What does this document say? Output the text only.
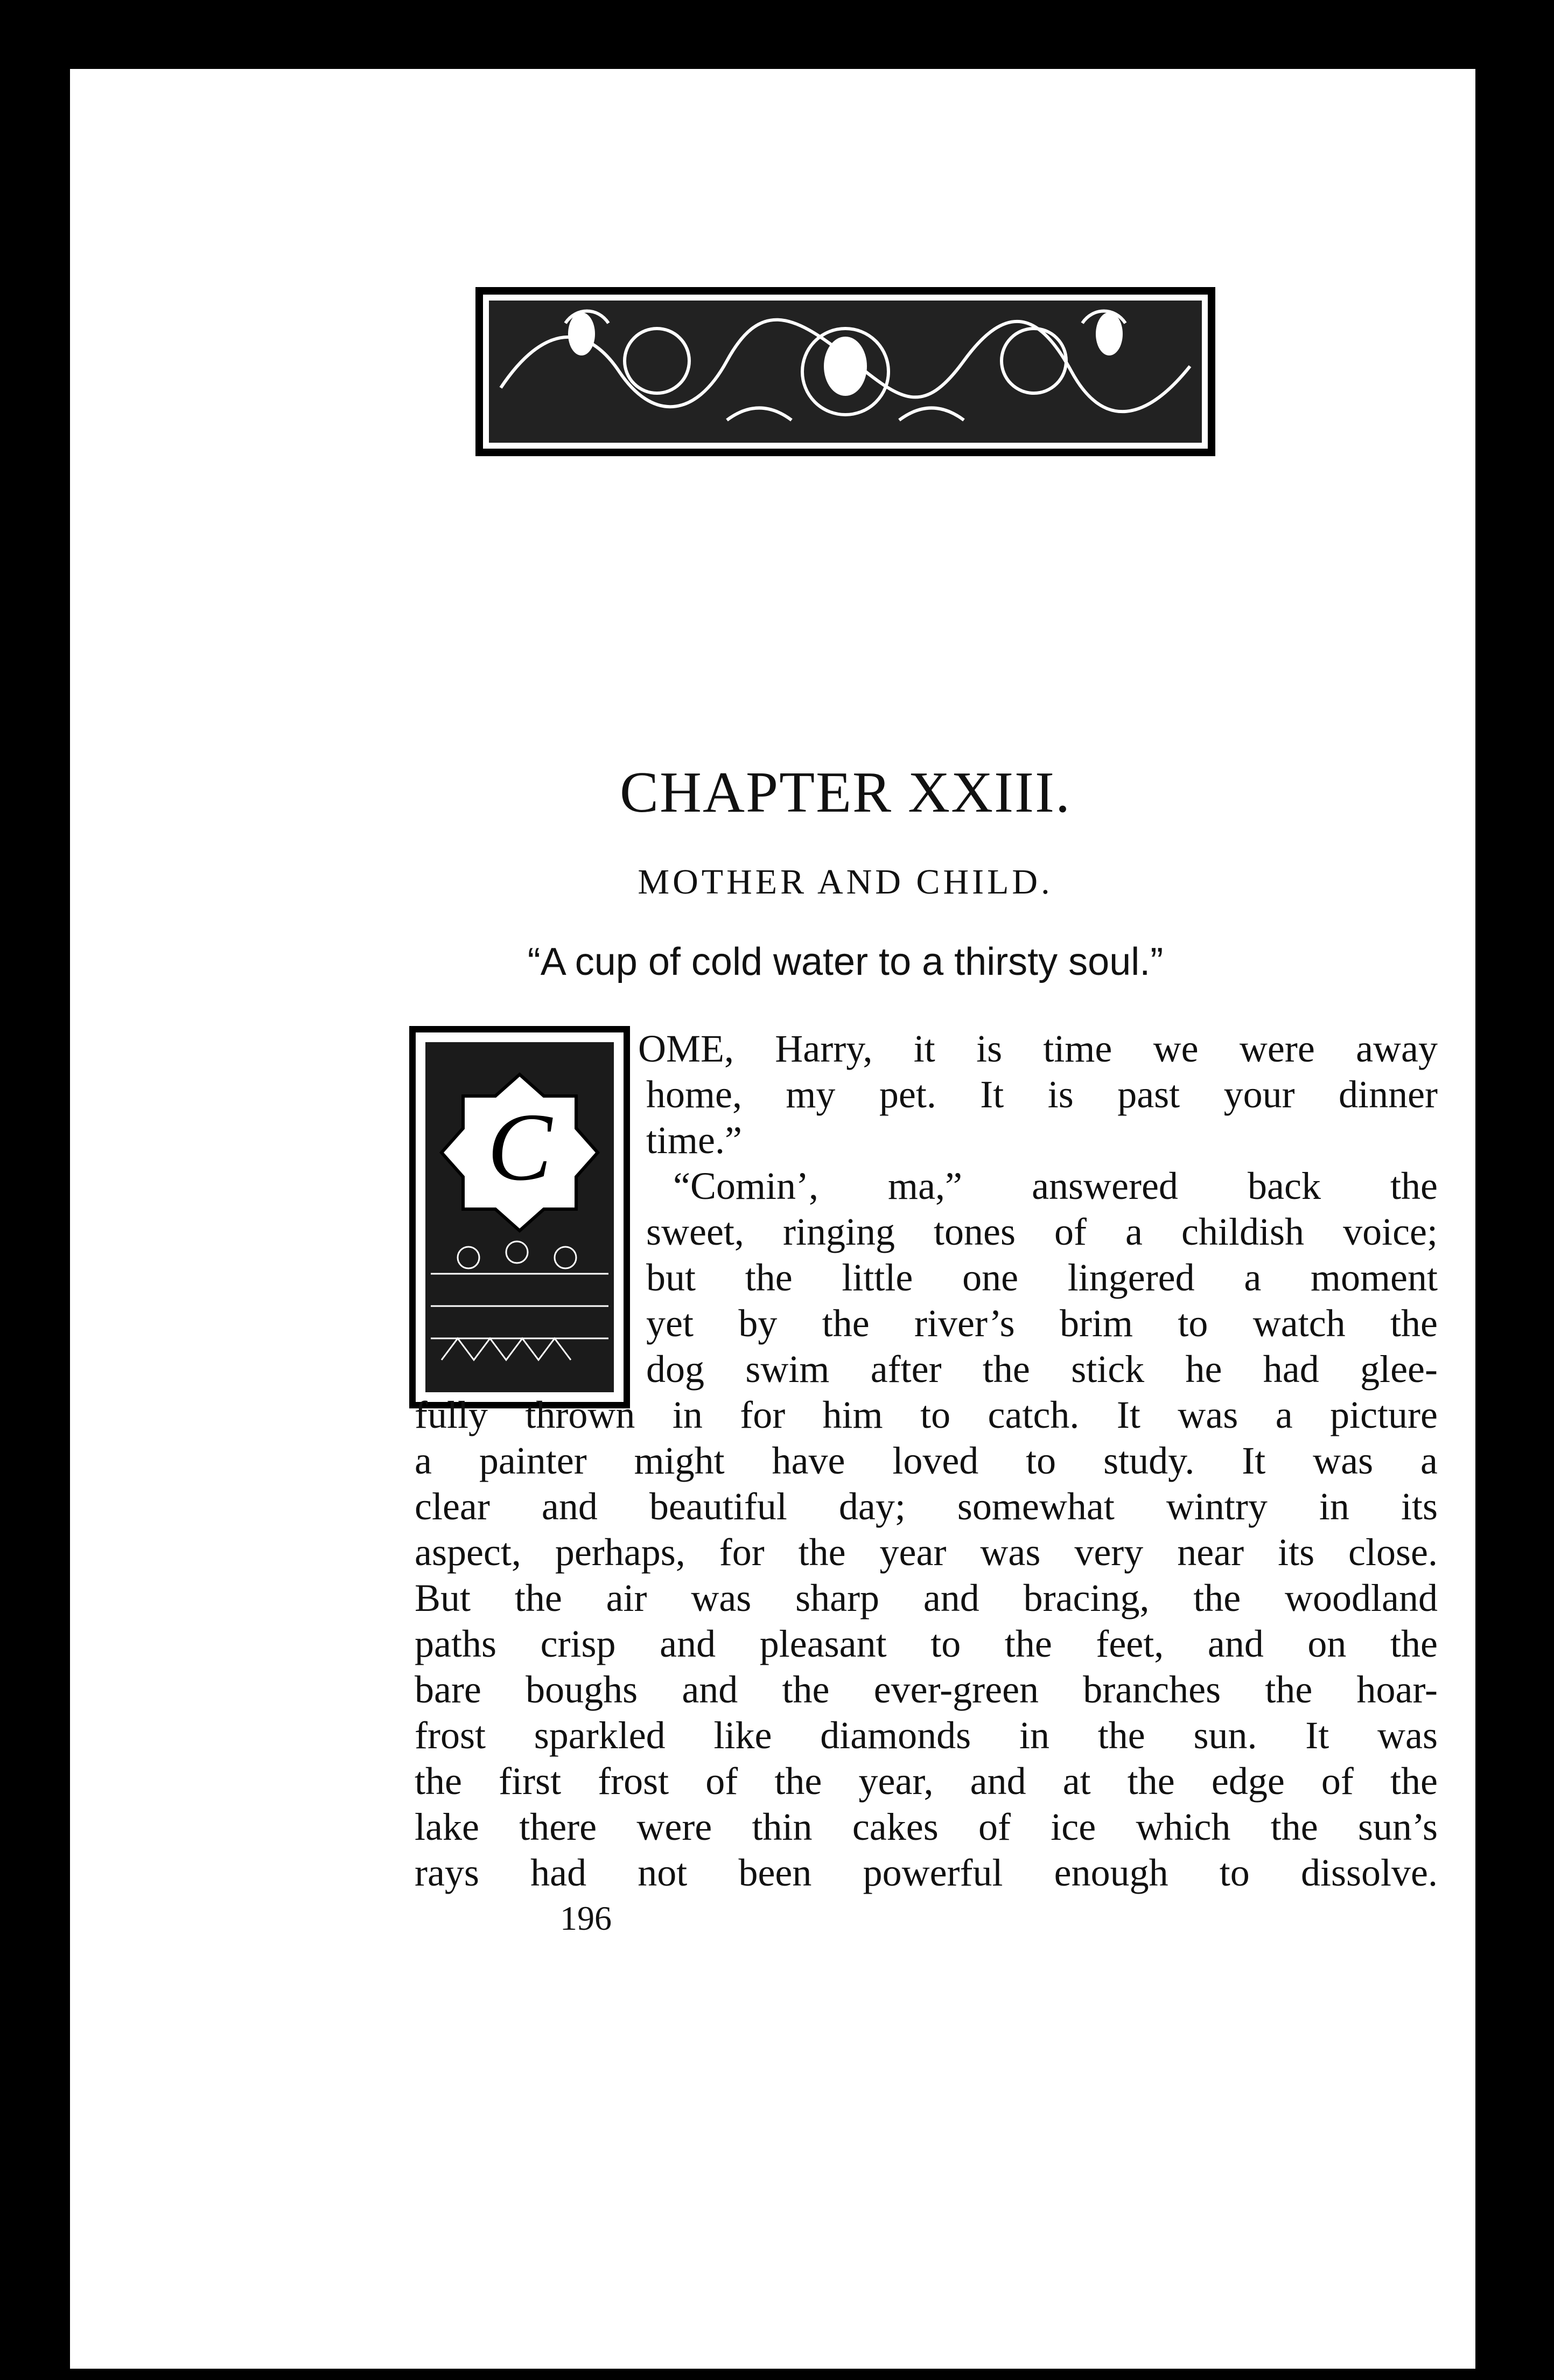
CHAPTER XXIII.
MOTHER AND CHILD.
“A cup of cold water to a thirsty soul.”
C
OME, Harry, it is time we were away
home, my pet. It is past your dinner
time.”
“Comin’, ma,” answered back the
sweet, ringing tones of a childish voice;
but the little one lingered a moment
yet by the river’s brim to watch the
dog swim after the stick he had glee-
fully thrown in for him to catch. It was a picture
a painter might have loved to study. It was a
clear and beautiful day; somewhat wintry in its
aspect, perhaps, for the year was very near its close.
But the air was sharp and bracing, the woodland
paths crisp and pleasant to the feet, and on the
bare boughs and the ever-green branches the hoar-
frost sparkled like diamonds in the sun. It was
the first frost of the year, and at the edge of the
lake there were thin cakes of ice which the sun’s
rays had not been powerful enough to dissolve.
196
